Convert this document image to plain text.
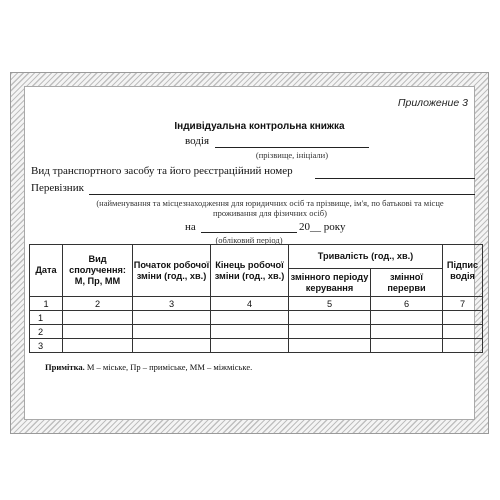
Приложение 3
Індивідуальна контрольна книжка
водія
(прізвище, ініціали)
Вид транспортного засобу та його реєстраційний номер
Перевізник
(найменування та місцезнаходження для юридичних осіб та прізвище, ім'я, по батькові та місце
проживання для фізичних осіб)
на	20__ року
(обліковий період)
Дата	Вид сполучення: М, Пр, ММ	Початок робочої зміни (год., хв.)	Кінець робочої зміни (год., хв.)	Тривалість (год., хв.)		Підпис водія
				змінного періоду керування	змінної перерви	
1	2	3	4	5	6	7
1						
2						
3						
Примітка. М – міське, Пр – приміське, ММ – міжміське.
